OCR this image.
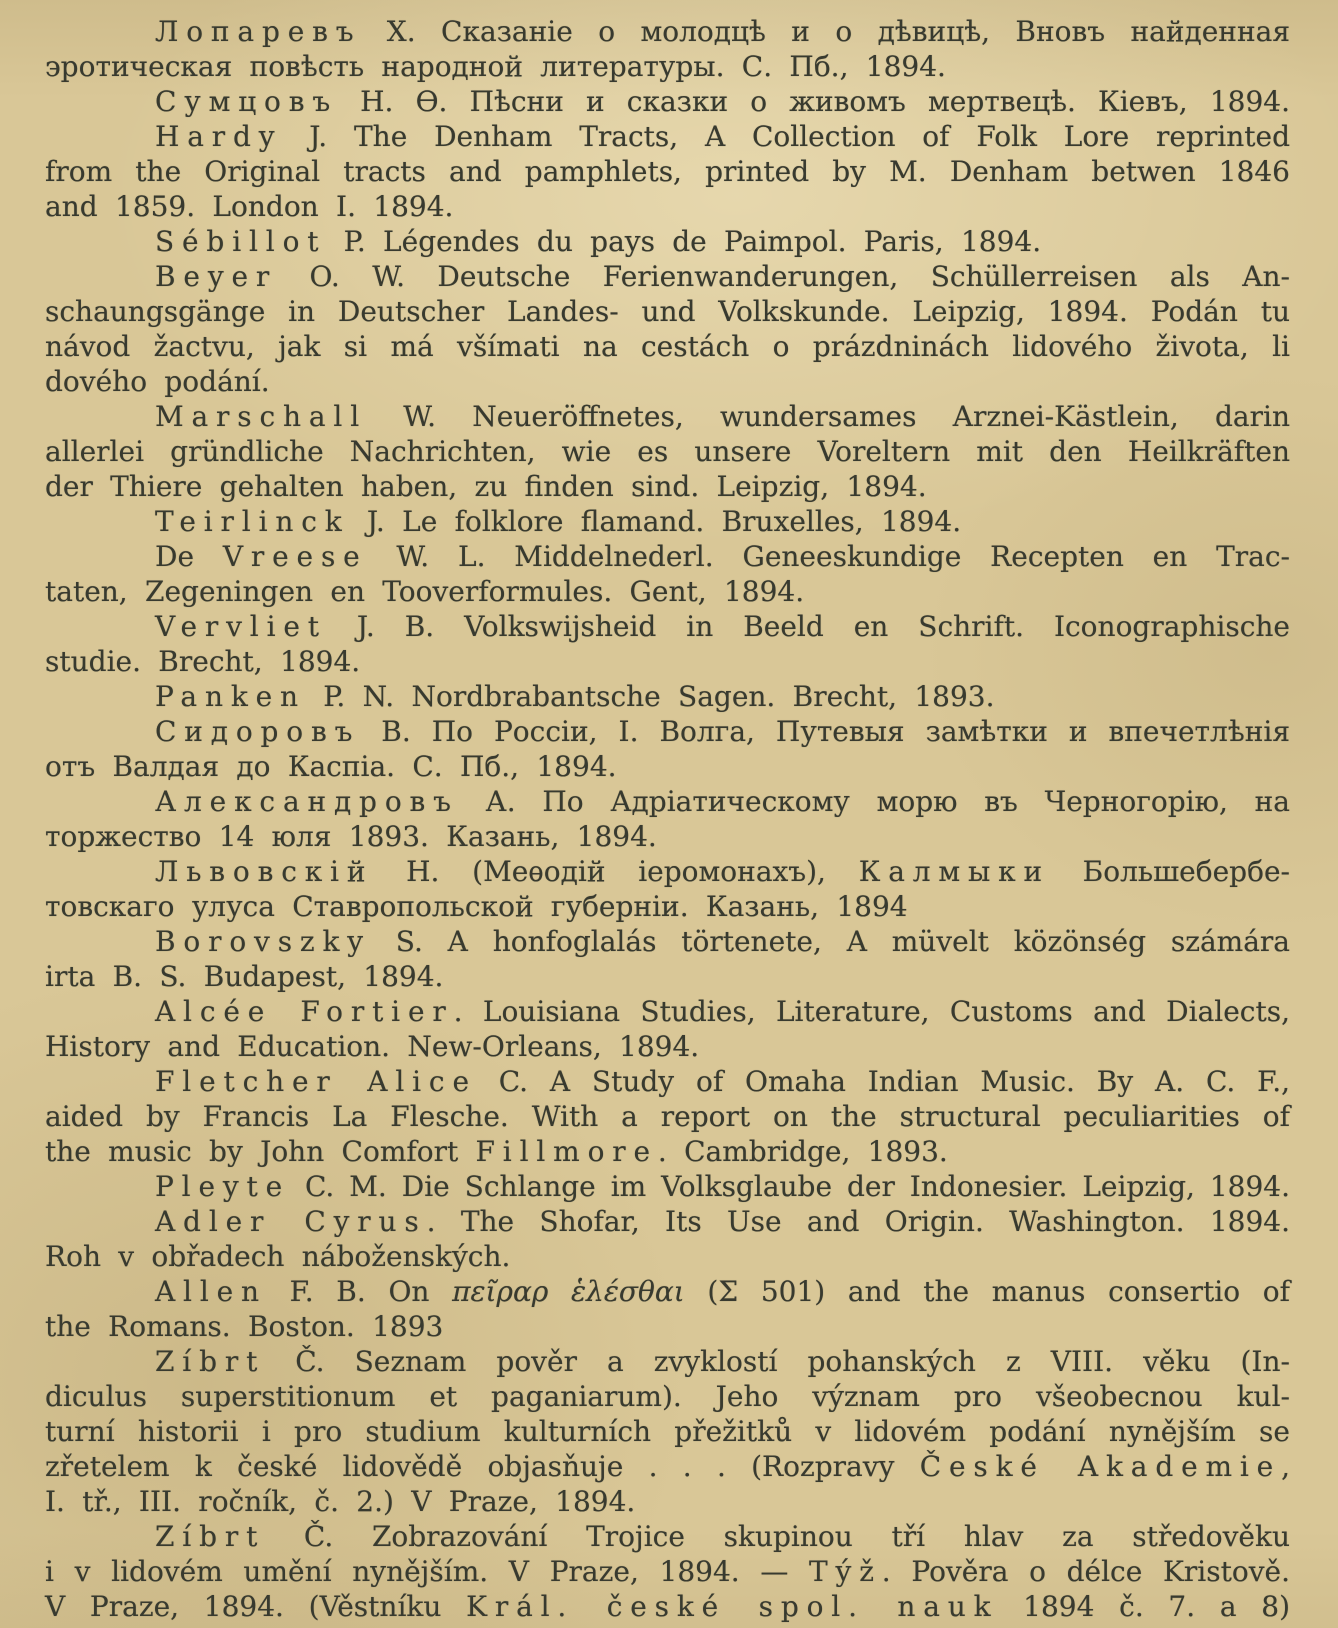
Лопаревъ Х. Сказаніе о молодцѣ и о дѣвицѣ, Вновъ найденная
эротическая повѣсть народной литературы. С. Пб., 1894.
Сумцовъ Н. Ѳ. Пѣсни и сказки о живомъ мертвецѣ. Кіевъ, 1894.
Hardy J. The Denham Tracts, A Collection of Folk Lore reprinted
from the Original tracts and pamphlets, printed by M. Denham betwen 1846
and 1859. London I. 1894.
Sébillot P. Légendes du pays de Paimpol. Paris, 1894.
Beyer O. W. Deutsche Ferienwanderungen, Schüllerreisen als An-
schaungsgänge in Deutscher Landes- und Volkskunde. Leipzig, 1894. Podán tu
návod žactvu, jak si má všímati na cestách o prázdninách lidového života, li
dového podání.
Marschall W. Neueröffnetes, wundersames Arznei-Kästlein, darin
allerlei gründliche Nachrichten, wie es unsere Voreltern mit den Heilkräften
der Thiere gehalten haben, zu finden sind. Leipzig, 1894.
Teirlinck J. Le folklore flamand. Bruxelles, 1894.
De Vreese W. L. Middelnederl. Geneeskundige Recepten en Trac-
taten, Zegeningen en Tooverformules. Gent, 1894.
Vervliet J. B. Volkswijsheid in Beeld en Schrift. Iconographische
studie. Brecht, 1894.
Panken P. N. Nordbrabantsche Sagen. Brecht, 1893.
Сидоровъ В. По Россіи, І. Волга, Путевыя замѣтки и впечетлѣнія
отъ Валдая до Каспіа. С. Пб., 1894.
Александровъ А. По Адріатическому морю въ Черногорію, на
торжество 14 юля 1893. Казань, 1894.
Львовскій Н. (Меѳодій іеромонахъ), Калмыки Большебербе-
товскаго улуса Ставропольской губерніи. Казань, 1894
Borovszky S. A honfoglalás törtenete, A müvelt közönség számára
irta B. S. Budapest, 1894.
Alcée Fortier. Louisiana Studies, Literature, Customs and Dialects,
History and Education. New-Orleans, 1894.
Fletcher Alice C. A Study of Omaha Indian Music. By A. C. F.,
aided by Francis La Flesche. With a report on the structural peculiarities of
the music by John Comfort Fillmore. Cambridge, 1893.
Pleyte C. M. Die Schlange im Volksglaube der Indonesier. Leipzig, 1894.
Adler Cyrus. The Shofar, Its Use and Origin. Washington. 1894.
Roh v obřadech náboženských.
Allen F. B. On πεῖραρ ἑλέσθαι (Σ 501) and the manus consertio of
the Romans. Boston. 1893
Zíbrt Č. Seznam pověr a zvyklostí pohanských z VIII. věku (In-
diculus superstitionum et paganiarum). Jeho význam pro všeobecnou kul-
turní historii i pro studium kulturních přežitků v lidovém podání nynějším se
zřetelem k české lidovědě objasňuje . . . (Rozpravy České Akademie,
I. tř., III. ročník, č. 2.) V Praze, 1894.
Zíbrt Č. Zobrazování Trojice skupinou tří hlav za středověku
i v lidovém umění nynějším. V Praze, 1894. — Týž. Pověra o délce Kristově.
V Praze, 1894. (Věstníku Král. české spol. nauk 1894 č. 7. a 8)
